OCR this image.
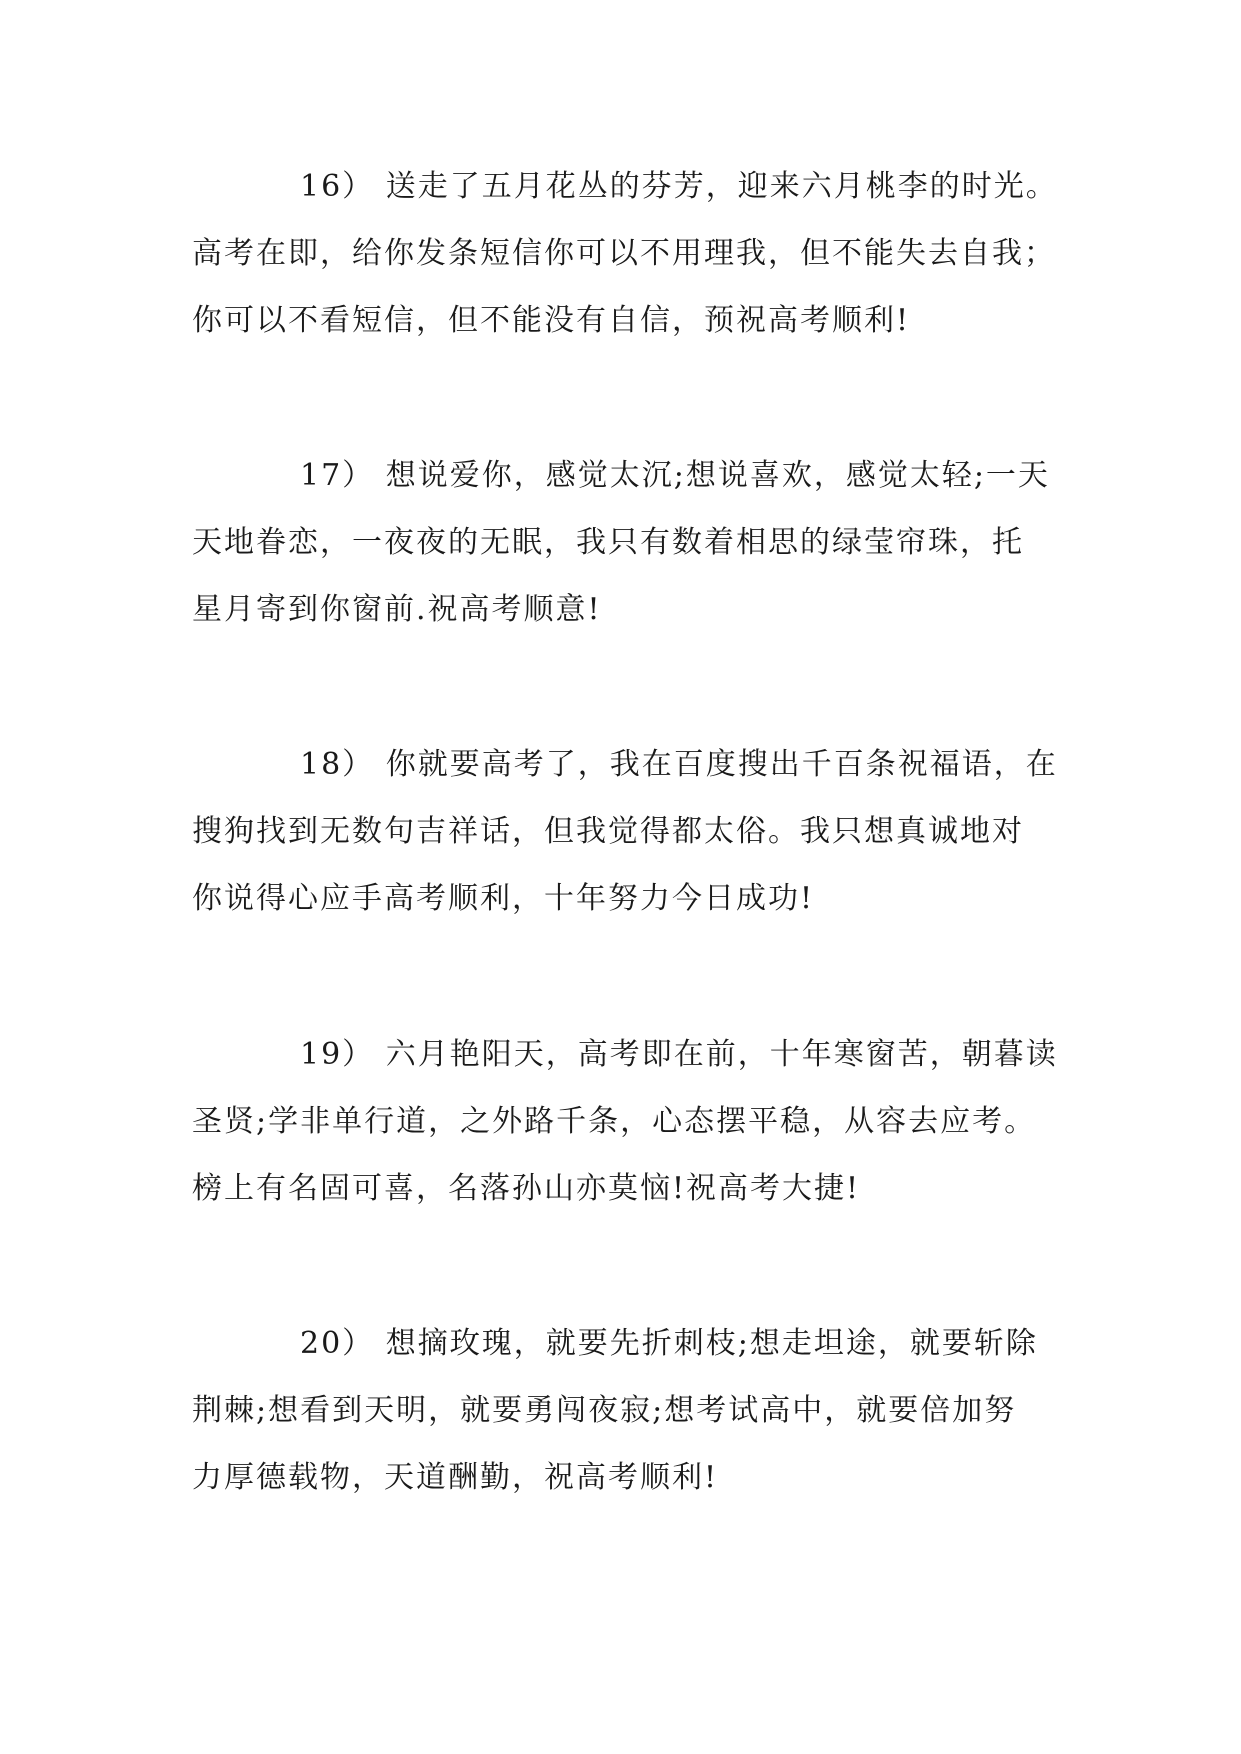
16） 送走了五月花丛的芬芳，迎来六月桃李的时光。
高考在即，给你发条短信你可以不用理我，但不能失去自我；
你可以不看短信，但不能没有自信，预祝高考顺利!
17） 想说爱你，感觉太沉;想说喜欢，感觉太轻;一天
天地眷恋，一夜夜的无眠，我只有数着相思的绿莹帘珠，托
星月寄到你窗前.祝高考顺意!
18） 你就要高考了，我在百度搜出千百条祝福语，在
搜狗找到无数句吉祥话，但我觉得都太俗。我只想真诚地对
你说得心应手高考顺利，十年努力今日成功!
19） 六月艳阳天，高考即在前，十年寒窗苦，朝暮读
圣贤;学非单行道，之外路千条，心态摆平稳，从容去应考。
榜上有名固可喜，名落孙山亦莫恼!祝高考大捷!
20） 想摘玫瑰，就要先折刺枝;想走坦途，就要斩除
荆棘;想看到天明，就要勇闯夜寂;想考试高中，就要倍加努
力厚德载物，天道酬勤，祝高考顺利!
